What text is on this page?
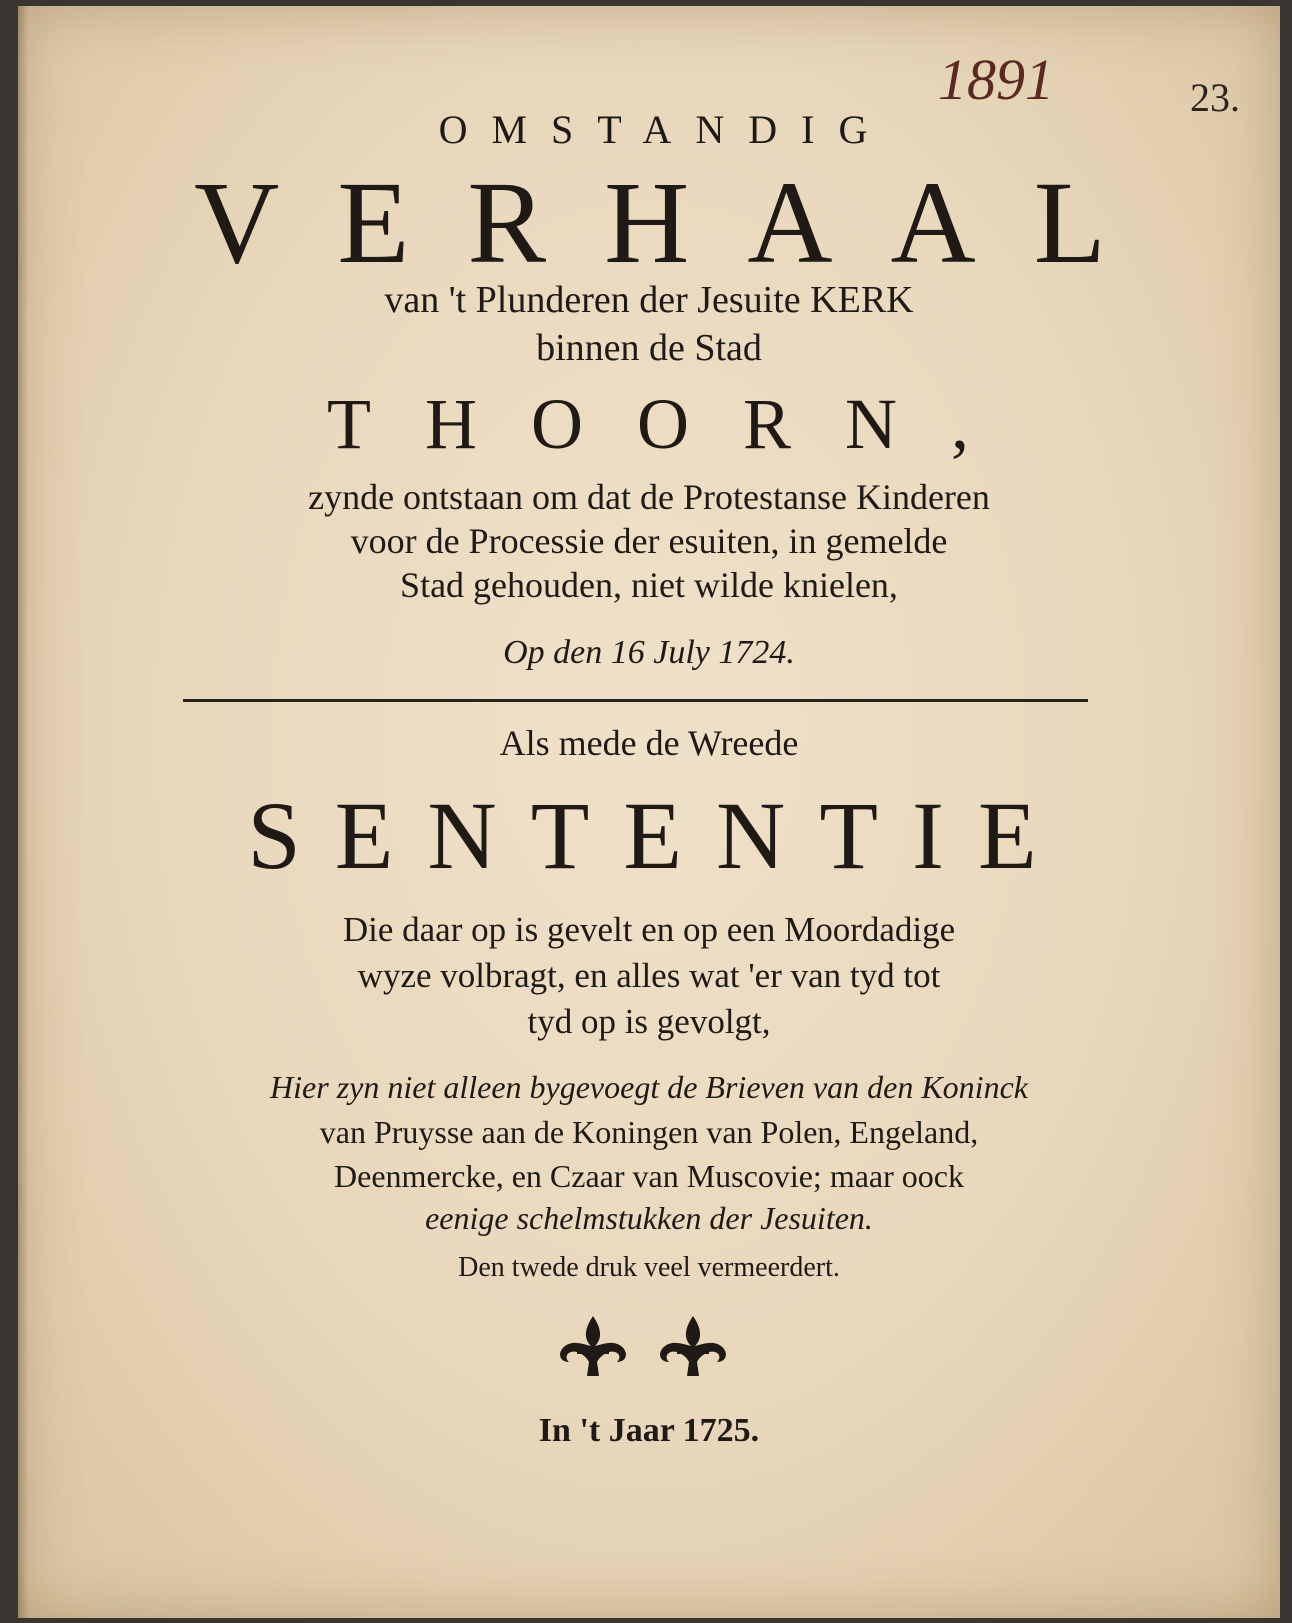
1891	23.
OMSTANDIG
VERHAAL
van 't Plunderen der Jesuite KERK
binnen de Stad
THOORN,
zynde ontstaan om dat de Protestanse Kinderen
voor de Processie der esuiten, in gemelde
Stad gehouden, niet wilde knielen,
Op den 16 July 1724.
Als mede de Wreede
SENTENTIE
Die daar op is gevelt en op een Moordadige
wyze volbragt, en alles wat 'er van tyd tot
tyd op is gevolgt,
Hier zyn niet alleen bygevoegt de Brieven van den Koninck
van Pruysse aan de Koningen van Polen, Engeland,
Deenmercke, en Czaar van Muscovie; maar oock
eenige schelmstukken der Jesuiten.
Den twede druk veel vermeerdert.
In 't Jaar 1725.
